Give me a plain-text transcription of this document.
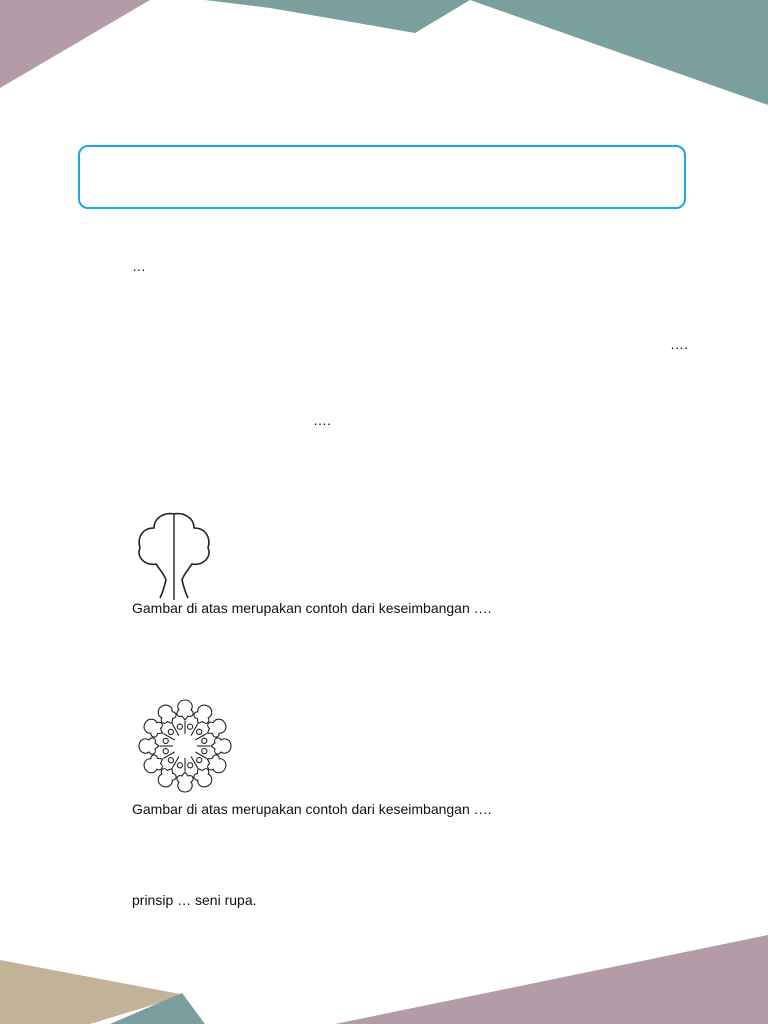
…
….
….
Gambar di atas merupakan contoh dari keseimbangan ….
Gambar di atas merupakan contoh dari keseimbangan ….
prinsip … seni rupa.
